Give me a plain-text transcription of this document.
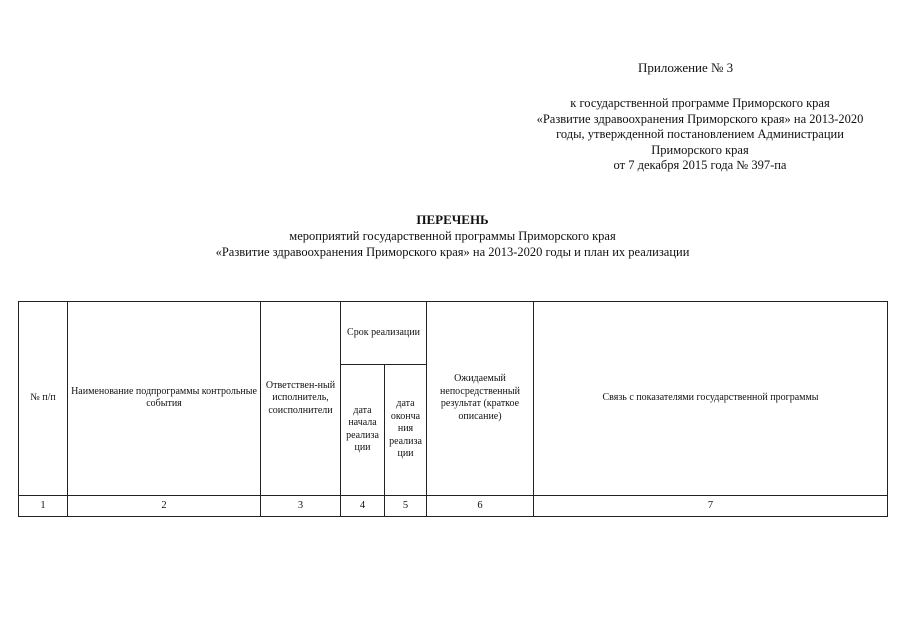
Приложение № 3
к государственной программе Приморского края
«Развитие здравоохранения Приморского края» на 2013-2020
годы, утвержденной постановлением Администрации
Приморского края
от 7 декабря 2015 года № 397-па
ПЕРЕЧЕНЬ
мероприятий государственной программы Приморского края
«Развитие здравоохранения Приморского края» на 2013-2020 годы и план их реализации
№ п/п	Наименование подпрограммы контрольные события	Ответствен-ный исполнитель, соисполнители	Срок реализации		Ожидаемый непосредственный результат (краткое описание)	Связь с показателями государственной программы
			дата начала реализа ции	дата оконча ния реализа ции		
1	2	3	4	5	6	7
